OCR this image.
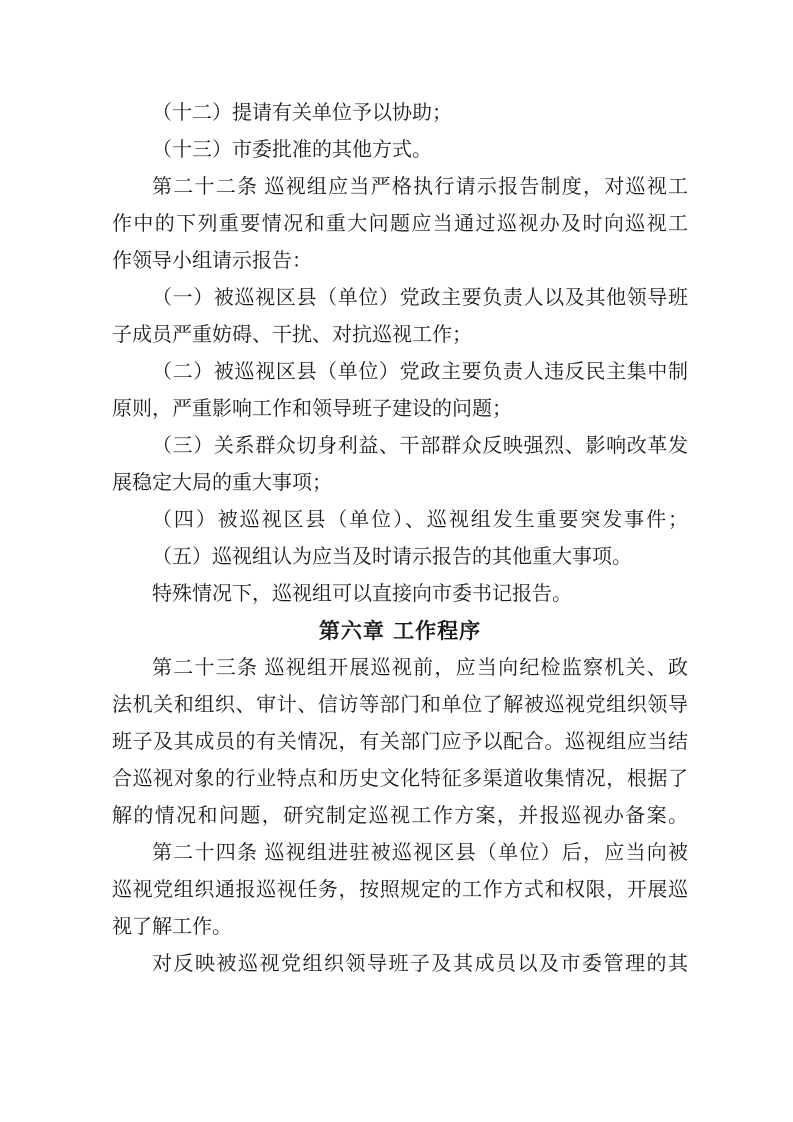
（十二）提请有关单位予以协助；
（十三）市委批准的其他方式。
第二十二条 巡视组应当严格执行请示报告制度，对巡视工
作中的下列重要情况和重大问题应当通过巡视办及时向巡视工
作领导小组请示报告：
（一）被巡视区县（单位）党政主要负责人以及其他领导班
子成员严重妨碍、干扰、对抗巡视工作；
（二）被巡视区县（单位）党政主要负责人违反民主集中制
原则，严重影响工作和领导班子建设的问题；
（三）关系群众切身利益、干部群众反映强烈、影响改革发
展稳定大局的重大事项；
（四）被巡视区县（单位）、巡视组发生重要突发事件；
（五）巡视组认为应当及时请示报告的其他重大事项。
特殊情况下，巡视组可以直接向市委书记报告。
第六章 工作程序
第二十三条 巡视组开展巡视前，应当向纪检监察机关、政
法机关和组织、审计、信访等部门和单位了解被巡视党组织领导
班子及其成员的有关情况，有关部门应予以配合。巡视组应当结
合巡视对象的行业特点和历史文化特征多渠道收集情况，根据了
解的情况和问题，研究制定巡视工作方案，并报巡视办备案。
第二十四条 巡视组进驻被巡视区县（单位）后，应当向被
巡视党组织通报巡视任务，按照规定的工作方式和权限，开展巡
视了解工作。
对反映被巡视党组织领导班子及其成员以及市委管理的其
